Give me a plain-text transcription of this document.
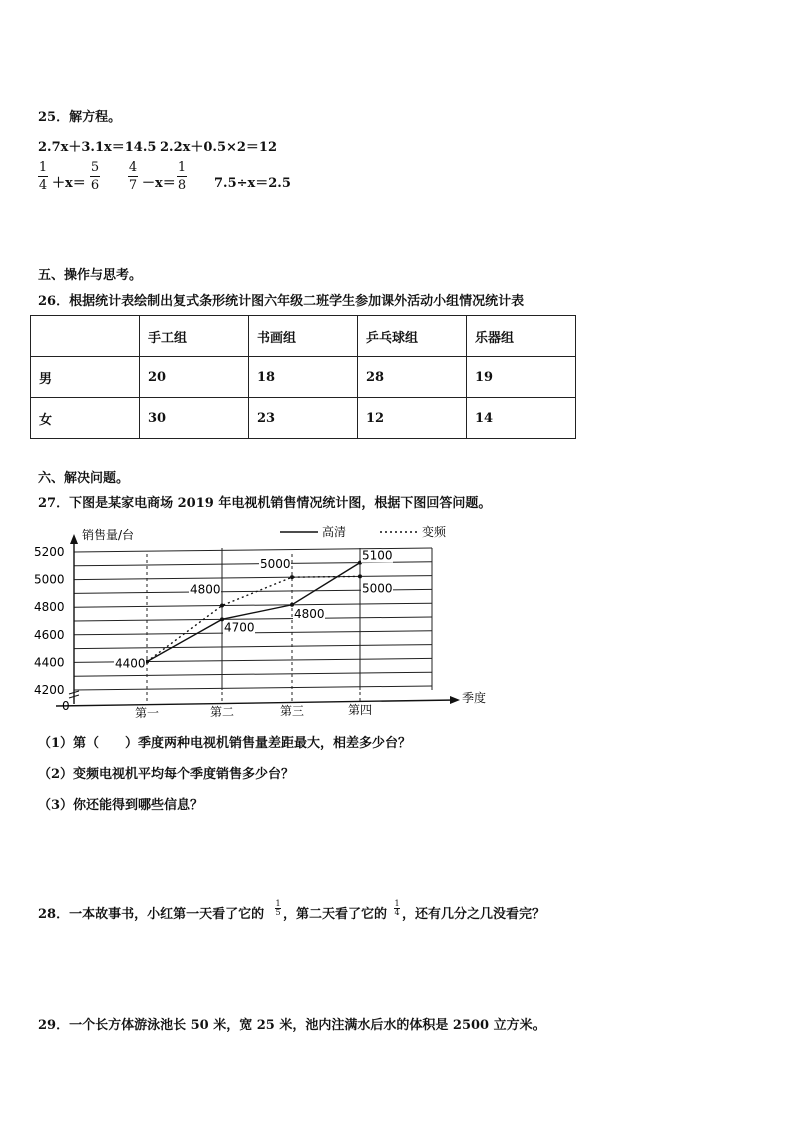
25．解方程。
2.7x＋3.1x＝14.5 2.2x＋0.5×2＝12
1
4 ＋x＝
5
6
4
7 －x＝
1
8 7.5÷x＝2.5
五、操作与思考。
26．根据统计表绘制出复式条形统计图六年级二班学生参加课外活动小组情况统计表
	手工组	书画组	乒乓球组	乐器组
男	20	18	28	19
女	30	23	12	14
六、解决问题。
27．下图是某家电商场 2019 年电视机销售情况统计图，根据下图回答问题。
销售量/台
季度
0
4200
4400
4600
4800
5000
5200
第一	第二	第三	第四
高清	变频
4400
4800
4700
5000
4800
5100
5000
（1）第（　　）季度两种电视机销售量差距最大，相差多少台？
（2）变频电视机平均每个季度销售多少台？
（3）你还能得到哪些信息？
28．一本故事书，小红第一天看了它的
1
5 ，第二天看了它的
1
4 ，还有几分之几没看完？
29．一个长方体游泳池长 50 米，宽 25 米，池内注满水后水的体积是 2500 立方米。
